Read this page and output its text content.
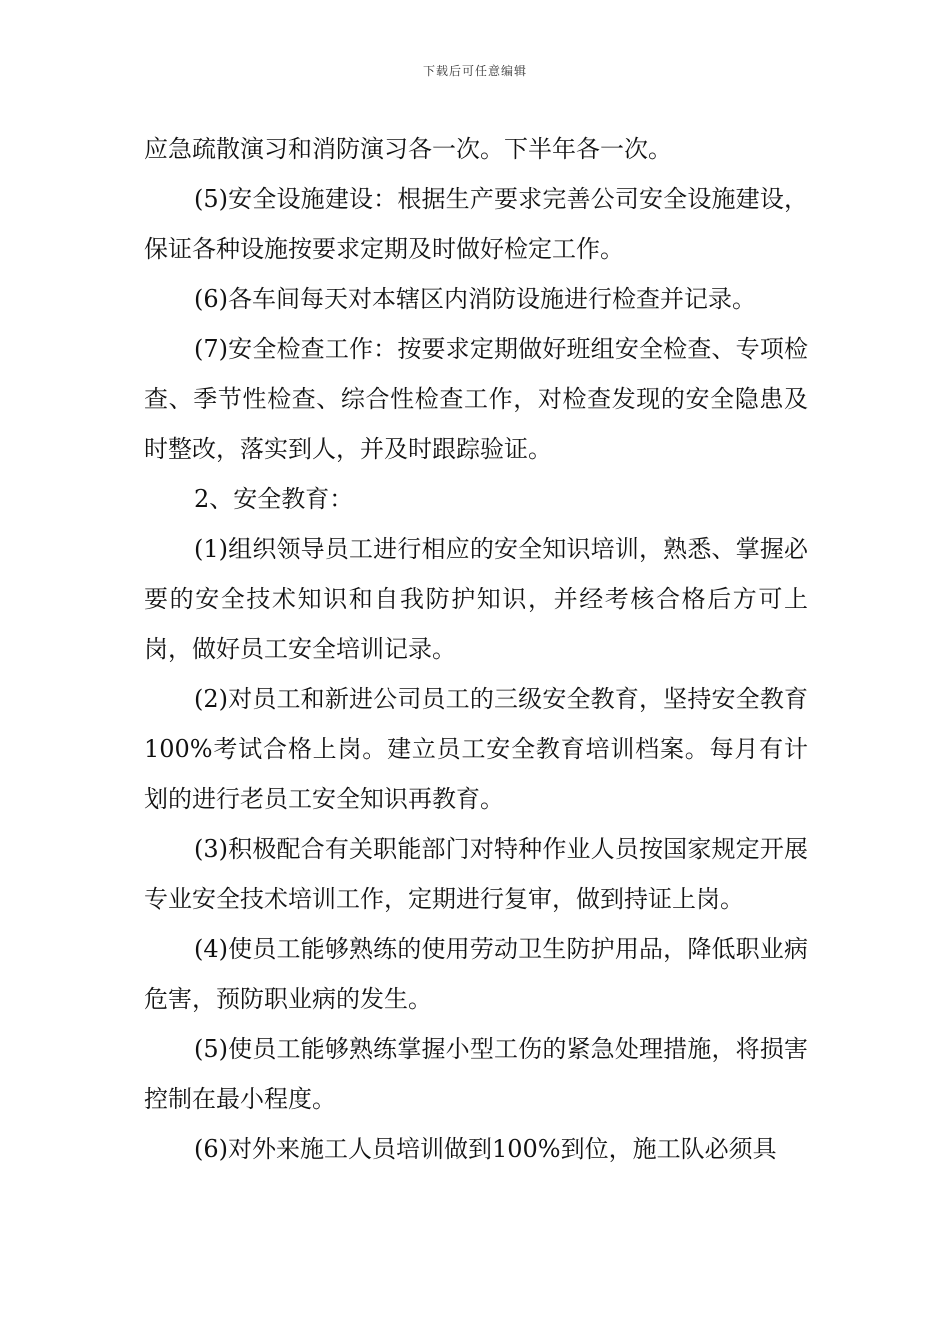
下载后可任意编辑

应急疏散演习和消防演习各一次。下半年各一次。

(5)安全设施建设：根据生产要求完善公司安全设施建设，保证各种设施按要求定期及时做好检定工作。

(6)各车间每天对本辖区内消防设施进行检查并记录。

(7)安全检查工作：按要求定期做好班组安全检查、专项检查、季节性检查、综合性检查工作，对检查发现的安全隐患及时整改，落实到人，并及时跟踪验证。

2、安全教育：

(1)组织领导员工进行相应的安全知识培训，熟悉、掌握必要的安全技术知识和自我防护知识，并经考核合格后方可上岗，做好员工安全培训记录。

(2)对员工和新进公司员工的三级安全教育，坚持安全教育100%考试合格上岗。建立员工安全教育培训档案。每月有计划的进行老员工安全知识再教育。

(3)积极配合有关职能部门对特种作业人员按国家规定开展专业安全技术培训工作，定期进行复审，做到持证上岗。

(4)使员工能够熟练的使用劳动卫生防护用品，降低职业病危害，预防职业病的发生。

(5)使员工能够熟练掌握小型工伤的紧急处理措施，将损害控制在最小程度。

(6)对外来施工人员培训做到100%到位，施工队必须具
